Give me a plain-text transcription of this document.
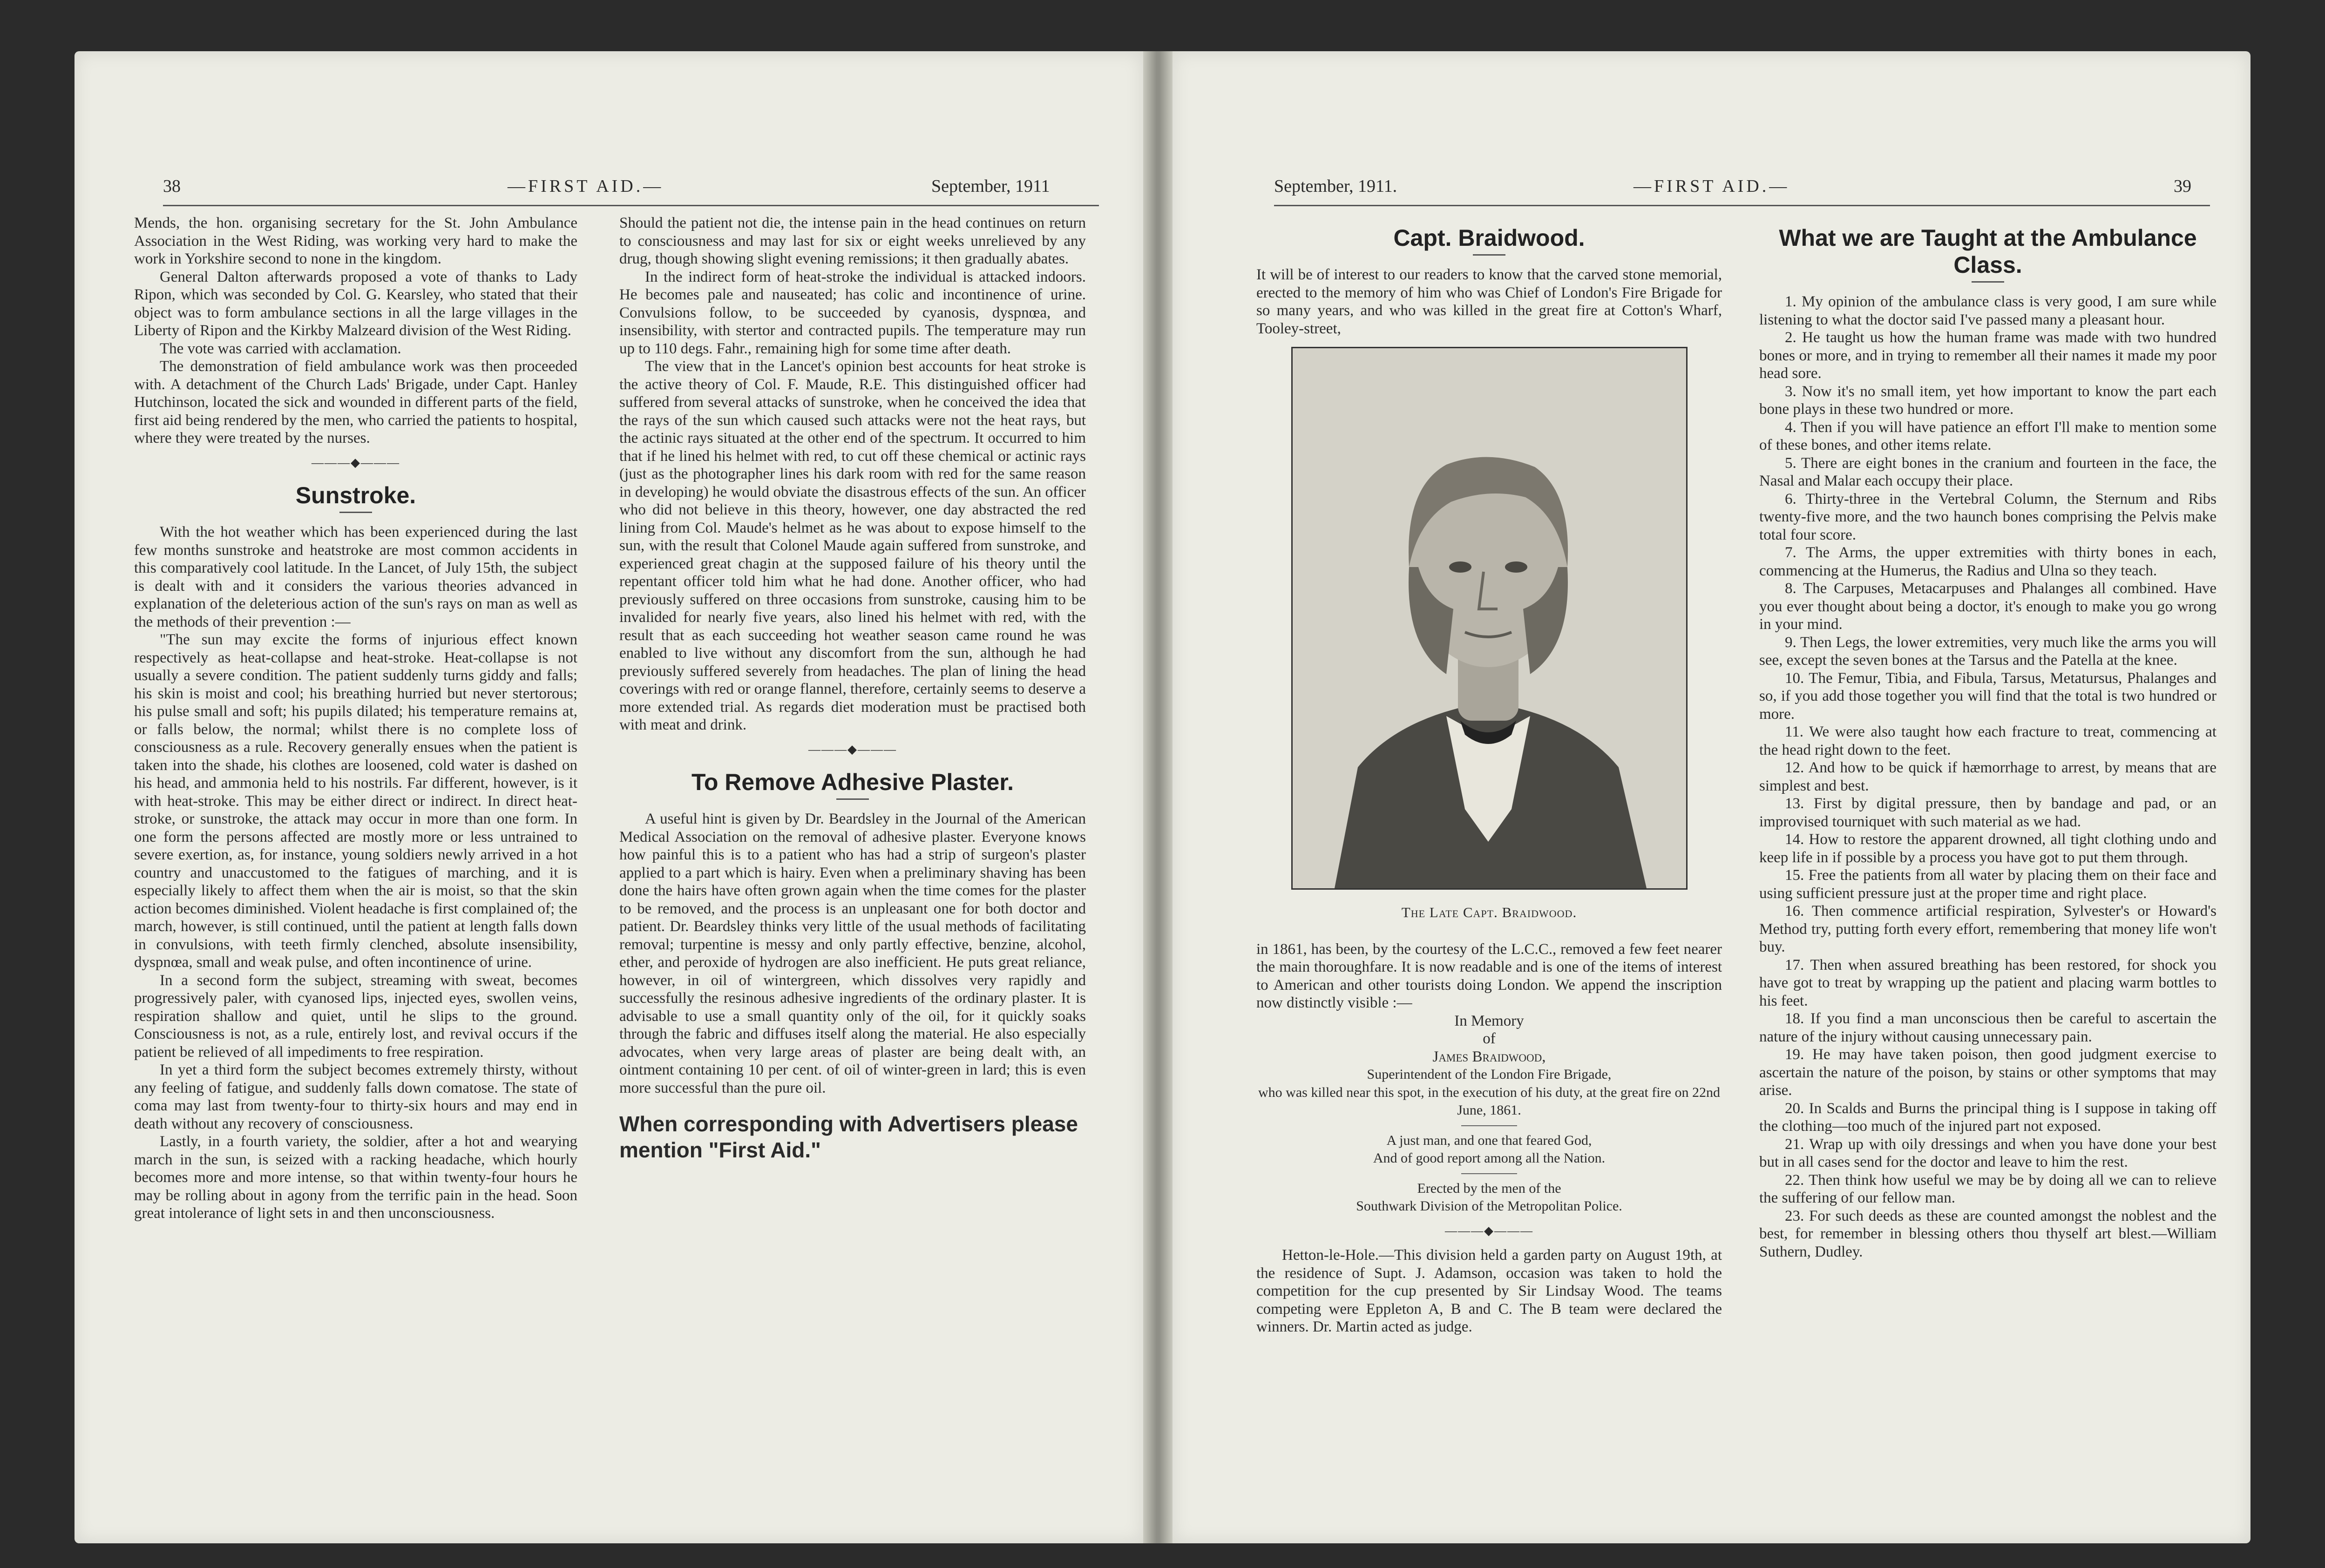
38	—FIRST AID.—	September, 1911

Mends, the hon. organising secretary for the St. John Ambulance Association in the West Riding, was working very hard to make the work in Yorkshire second to none in the kingdom.

General Dalton afterwards proposed a vote of thanks to Lady Ripon, which was seconded by Col. G. Kearsley, who stated that their object was to form ambulance sections in all the large villages in the Liberty of Ripon and the Kirkby Malzeard division of the West Riding.

The vote was carried with acclamation.

The demonstration of field ambulance work was then proceeded with. A detachment of the Church Lads' Brigade, under Capt. Hanley Hutchinson, located the sick and wounded in different parts of the field, first aid being rendered by the men, who carried the patients to hospital, where they were treated by the nurses.

———◆———
Sunstroke.

With the hot weather which has been experienced during the last few months sunstroke and heatstroke are most common accidents in this comparatively cool latitude. In the Lancet, of July 15th, the subject is dealt with and it considers the various theories advanced in explanation of the deleterious action of the sun's rays on man as well as the methods of their prevention :—

"The sun may excite the forms of injurious effect known respectively as heat-collapse and heat-stroke. Heat-collapse is not usually a severe condition. The patient suddenly turns giddy and falls; his skin is moist and cool; his breathing hurried but never stertorous; his pulse small and soft; his pupils dilated; his temperature remains at, or falls below, the normal; whilst there is no complete loss of consciousness as a rule. Recovery generally ensues when the patient is taken into the shade, his clothes are loosened, cold water is dashed on his head, and ammonia held to his nostrils. Far different, however, is it with heat-stroke. This may be either direct or indirect. In direct heat-stroke, or sunstroke, the attack may occur in more than one form. In one form the persons affected are mostly more or less untrained to severe exertion, as, for instance, young soldiers newly arrived in a hot country and unaccustomed to the fatigues of marching, and it is especially likely to affect them when the air is moist, so that the skin action becomes diminished. Violent headache is first complained of; the march, however, is still continued, until the patient at length falls down in convulsions, with teeth firmly clenched, absolute insensibility, dyspnœa, small and weak pulse, and often incontinence of urine.

In a second form the subject, streaming with sweat, becomes progressively paler, with cyanosed lips, injected eyes, swollen veins, respiration shallow and quiet, until he slips to the ground. Consciousness is not, as a rule, entirely lost, and revival occurs if the patient be relieved of all impediments to free respiration.

In yet a third form the subject becomes extremely thirsty, without any feeling of fatigue, and suddenly falls down comatose. The state of coma may last from twenty-four to thirty-six hours and may end in death without any recovery of consciousness.

Lastly, in a fourth variety, the soldier, after a hot and wearying march in the sun, is seized with a racking headache, which hourly becomes more and more intense, so that within twenty-four hours he may be rolling about in agony from the terrific pain in the head. Soon great intolerance of light sets in and then unconsciousness.

Should the patient not die, the intense pain in the head continues on return to consciousness and may last for six or eight weeks unrelieved by any drug, though showing slight evening remissions; it then gradually abates.

In the indirect form of heat-stroke the individual is attacked indoors. He becomes pale and nauseated; has colic and incontinence of urine. Convulsions follow, to be succeeded by cyanosis, dyspnœa, and insensibility, with stertor and contracted pupils. The temperature may run up to 110 degs. Fahr., remaining high for some time after death.

The view that in the Lancet's opinion best accounts for heat stroke is the active theory of Col. F. Maude, R.E. This distinguished officer had suffered from several attacks of sunstroke, when he conceived the idea that the rays of the sun which caused such attacks were not the heat rays, but the actinic rays situated at the other end of the spectrum. It occurred to him that if he lined his helmet with red, to cut off these chemical or actinic rays (just as the photographer lines his dark room with red for the same reason in developing) he would obviate the disastrous effects of the sun. An officer who did not believe in this theory, however, one day abstracted the red lining from Col. Maude's helmet as he was about to expose himself to the sun, with the result that Colonel Maude again suffered from sunstroke, and experienced great chagin at the supposed failure of his theory until the repentant officer told him what he had done. Another officer, who had previously suffered on three occasions from sunstroke, causing him to be invalided for nearly five years, also lined his helmet with red, with the result that as each succeeding hot weather season came round he was enabled to live without any discomfort from the sun, although he had previously suffered severely from headaches. The plan of lining the head coverings with red or orange flannel, therefore, certainly seems to deserve a more extended trial. As regards diet moderation must be practised both with meat and drink.

———◆———
To Remove Adhesive Plaster.

A useful hint is given by Dr. Beardsley in the Journal of the American Medical Association on the removal of adhesive plaster. Everyone knows how painful this is to a patient who has had a strip of surgeon's plaster applied to a part which is hairy. Even when a preliminary shaving has been done the hairs have often grown again when the time comes for the plaster to be removed, and the process is an unpleasant one for both doctor and patient. Dr. Beardsley thinks very little of the usual methods of facilitating removal; turpentine is messy and only partly effective, benzine, alcohol, ether, and peroxide of hydrogen are also inefficient. He puts great reliance, however, in oil of wintergreen, which dissolves very rapidly and successfully the resinous adhesive ingredients of the ordinary plaster. It is advisable to use a small quantity only of the oil, for it quickly soaks through the fabric and diffuses itself along the material. He also especially advocates, when very large areas of plaster are being dealt with, an ointment containing 10 per cent. of oil of winter-green in lard; this is even more successful than the pure oil.

When corresponding with Advertisers please mention "First Aid."
September, 1911.	—FIRST AID.—	39
Capt. Braidwood.

It will be of interest to our readers to know that the carved stone memorial, erected to the memory of him who was Chief of London's Fire Brigade for so many years, and who was killed in the great fire at Cotton's Wharf, Tooley-street,

The Late Capt. Braidwood.

in 1861, has been, by the courtesy of the L.C.C., removed a few feet nearer the main thoroughfare. It is now readable and is one of the items of interest to American and other tourists doing London. We append the inscription now distinctly visible :—

In Memory

of

James Braidwood,

Superintendent of the London Fire Brigade,

who was killed near this spot, in the execution of his duty, at the great fire on 22nd June, 1861.

A just man, and one that feared God,

And of good report among all the Nation.

Erected by the men of the

Southwark Division of the Metropolitan Police.

———◆———

Hetton-le-Hole.—This division held a garden party on August 19th, at the residence of Supt. J. Adamson, occasion was taken to hold the competition for the cup presented by Sir Lindsay Wood. The teams competing were Eppleton A, B and C. The B team were declared the winners. Dr. Martin acted as judge.

What we are Taught at the Ambulance Class.

1. My opinion of the ambulance class is very good, I am sure while listening to what the doctor said I've passed many a pleasant hour.

2. He taught us how the human frame was made with two hundred bones or more, and in trying to remember all their names it made my poor head sore.

3. Now it's no small item, yet how important to know the part each bone plays in these two hundred or more.

4. Then if you will have patience an effort I'll make to mention some of these bones, and other items relate.

5. There are eight bones in the cranium and fourteen in the face, the Nasal and Malar each occupy their place.

6. Thirty-three in the Vertebral Column, the Sternum and Ribs twenty-five more, and the two haunch bones comprising the Pelvis make total four score.

7. The Arms, the upper extremities with thirty bones in each, commencing at the Humerus, the Radius and Ulna so they teach.

8. The Carpuses, Metacarpuses and Phalanges all combined. Have you ever thought about being a doctor, it's enough to make you go wrong in your mind.

9. Then Legs, the lower extremities, very much like the arms you will see, except the seven bones at the Tarsus and the Patella at the knee.

10. The Femur, Tibia, and Fibula, Tarsus, Metatursus, Phalanges and so, if you add those together you will find that the total is two hundred or more.

11. We were also taught how each fracture to treat, commencing at the head right down to the feet.

12. And how to be quick if hæmorrhage to arrest, by means that are simplest and best.

13. First by digital pressure, then by bandage and pad, or an improvised tourniquet with such material as we had.

14. How to restore the apparent drowned, all tight clothing undo and keep life in if possible by a process you have got to put them through.

15. Free the patients from all water by placing them on their face and using sufficient pressure just at the proper time and right place.

16. Then commence artificial respiration, Sylvester's or Howard's Method try, putting forth every effort, remembering that money life won't buy.

17. Then when assured breathing has been restored, for shock you have got to treat by wrapping up the patient and placing warm bottles to his feet.

18. If you find a man unconscious then be careful to ascertain the nature of the injury without causing unnecessary pain.

19. He may have taken poison, then good judgment exercise to ascertain the nature of the poison, by stains or other symptoms that may arise.

20. In Scalds and Burns the principal thing is I suppose in taking off the clothing—too much of the injured part not exposed.

21. Wrap up with oily dressings and when you have done your best but in all cases send for the doctor and leave to him the rest.

22. Then think how useful we may be by doing all we can to relieve the suffering of our fellow man.

23. For such deeds as these are counted amongst the noblest and the best, for remember in blessing others thou thyself art blest.—William Suthern, Dudley.
